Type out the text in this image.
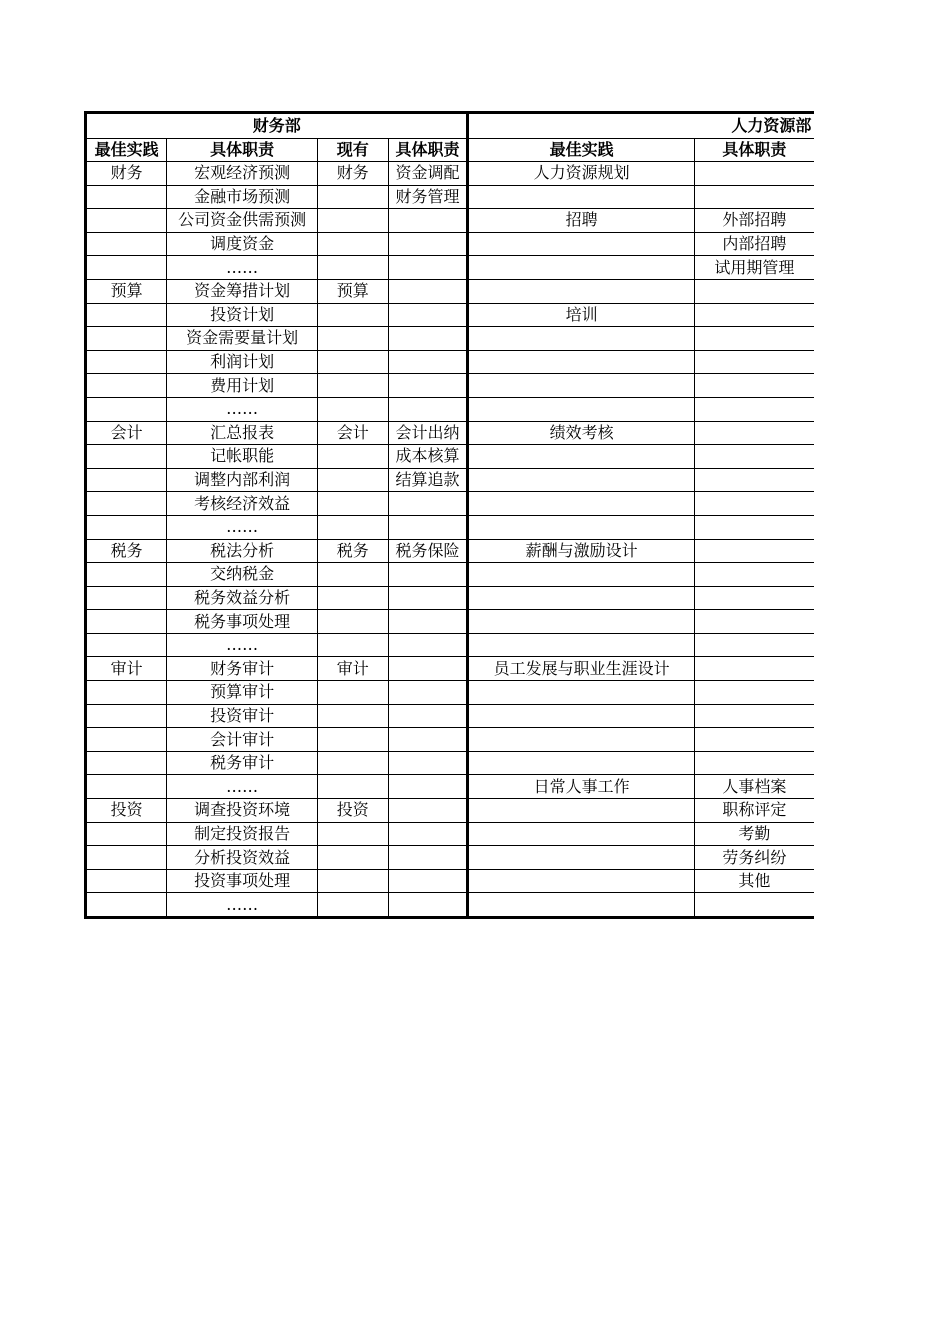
财务部				人力资源部	
最佳实践	具体职责	现有	具体职责	最佳实践	具体职责
财务	宏观经济预测	财务	资金调配	人力资源规划	
	金融市场预测		财务管理		
	公司资金供需预测			招聘	外部招聘
	调度资金				内部招聘
	……				试用期管理
预算	资金筹措计划	预算			
	投资计划			培训	
	资金需要量计划				
	利润计划				
	费用计划				
	……				
会计	汇总报表	会计	会计出纳	绩效考核	
	记帐职能		成本核算		
	调整内部利润		结算追款		
	考核经济效益				
	……				
税务	税法分析	税务	税务保险	薪酬与激励设计	
	交纳税金				
	税务效益分析				
	税务事项处理				
	……				
审计	财务审计	审计		员工发展与职业生涯设计	
	预算审计				
	投资审计				
	会计审计				
	税务审计				
	……			日常人事工作	人事档案
投资	调查投资环境	投资			职称评定
	制定投资报告				考勤
	分析投资效益				劳务纠纷
	投资事项处理				其他
	……				
